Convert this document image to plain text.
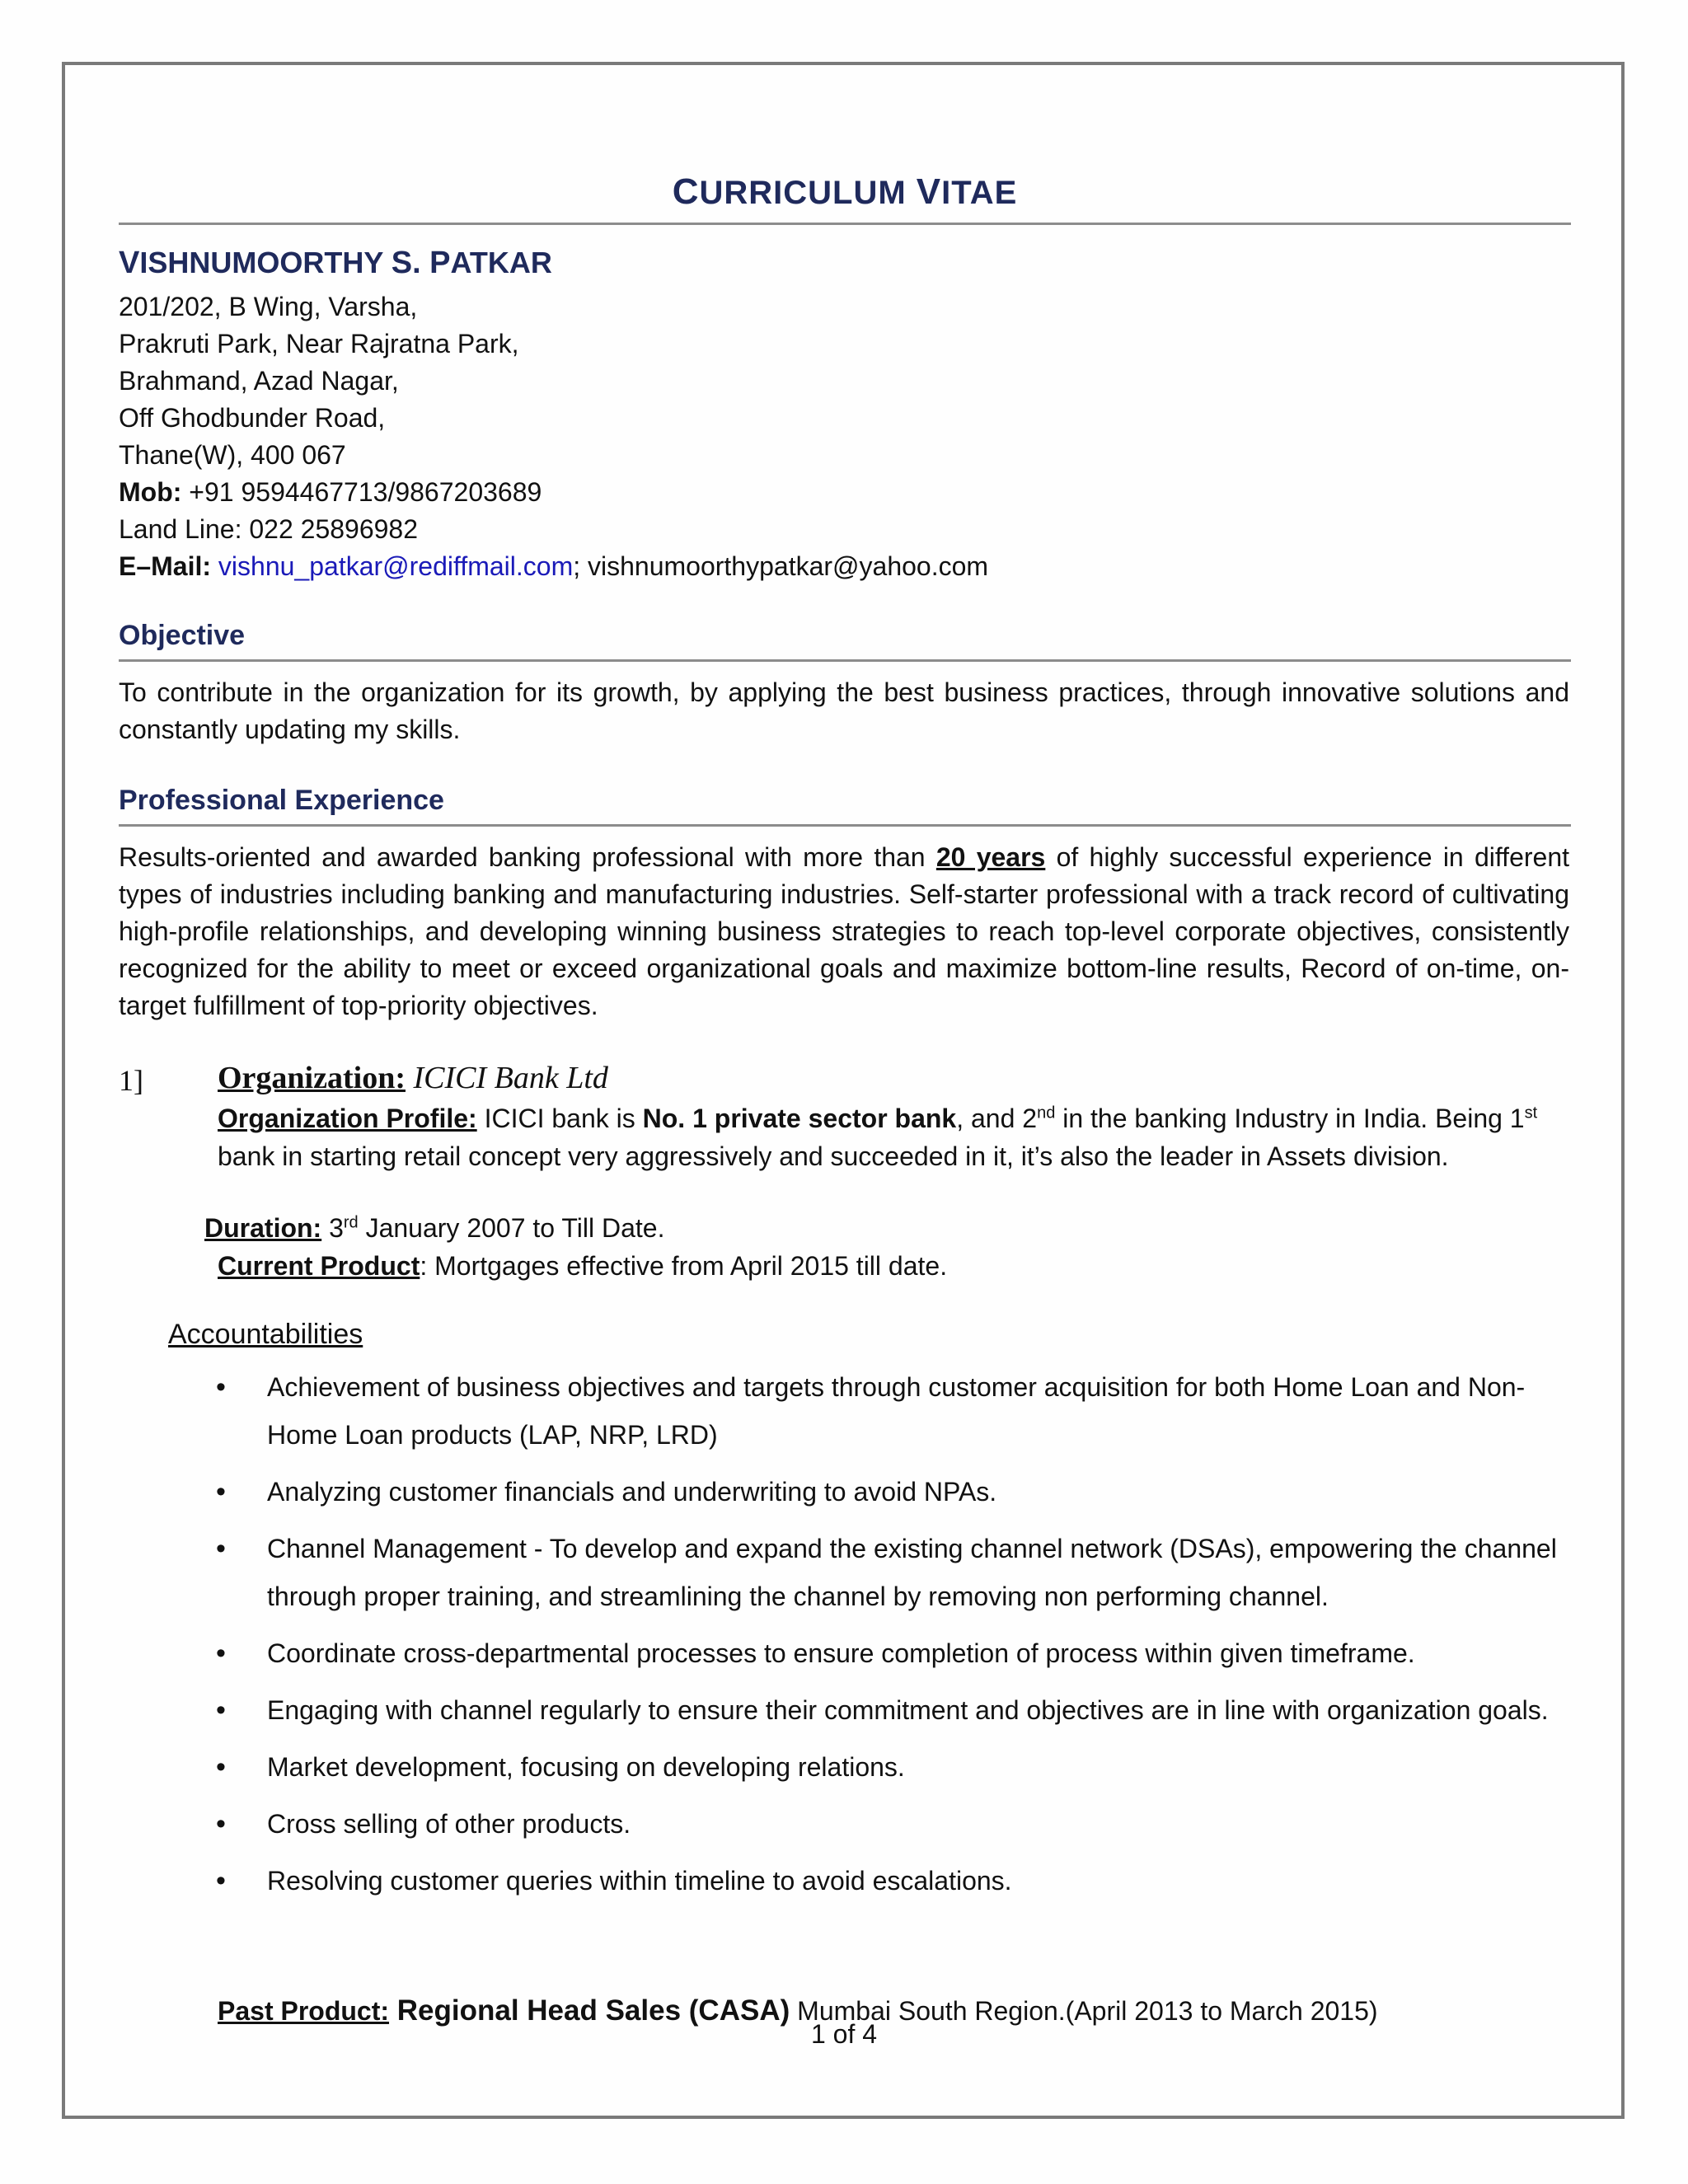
CURRICULUM VITAE
VISHNUMOORTHY S. PATKAR
201/202, B Wing, Varsha,
Prakruti Park, Near Rajratna Park,
Brahmand, Azad Nagar,
Off Ghodbunder Road,
Thane(W), 400 067
Mob: +91 9594467713/9867203689
Land Line: 022 25896982
E–Mail: vishnu_patkar@rediffmail.com; vishnumoorthypatkar@yahoo.com
Objective
To contribute in the organization for its growth, by applying the best business practices, through innovative solutions and constantly updating my skills.
Professional Experience
Results-oriented and awarded banking professional with more than 20 years of highly successful experience in different types of industries including banking and manufacturing industries. Self-starter professional with a track record of cultivating high-profile relationships, and developing winning business strategies to reach top-level corporate objectives, consistently recognized for the ability to meet or exceed organizational goals and maximize bottom-line results, Record of on-time, on-target fulfillment of top-priority objectives.
1] Organization: ICICI Bank Ltd
Organization Profile: ICICI bank is No. 1 private sector bank, and 2nd in the banking Industry in India. Being 1st bank in starting retail concept very aggressively and succeeded in it, it’s also the leader in Assets division.
Duration: 3rd January 2007 to Till Date.
Current Product: Mortgages effective from April 2015 till date.
Accountabilities
• Achievement of business objectives and targets through customer acquisition for both Home Loan and Non-Home Loan products (LAP, NRP, LRD)
• Analyzing customer financials and underwriting to avoid NPAs.
• Channel Management - To develop and expand the existing channel network (DSAs), empowering the channel through proper training, and streamlining the channel by removing non performing channel.
• Coordinate cross-departmental processes to ensure completion of process within given timeframe.
• Engaging with channel regularly to ensure their commitment and objectives are in line with organization goals.
• Market development, focusing on developing relations.
• Cross selling of other products.
• Resolving customer queries within timeline to avoid escalations.
Past Product: Regional Head Sales (CASA) Mumbai South Region.(April 2013 to March 2015)
1 of 4
